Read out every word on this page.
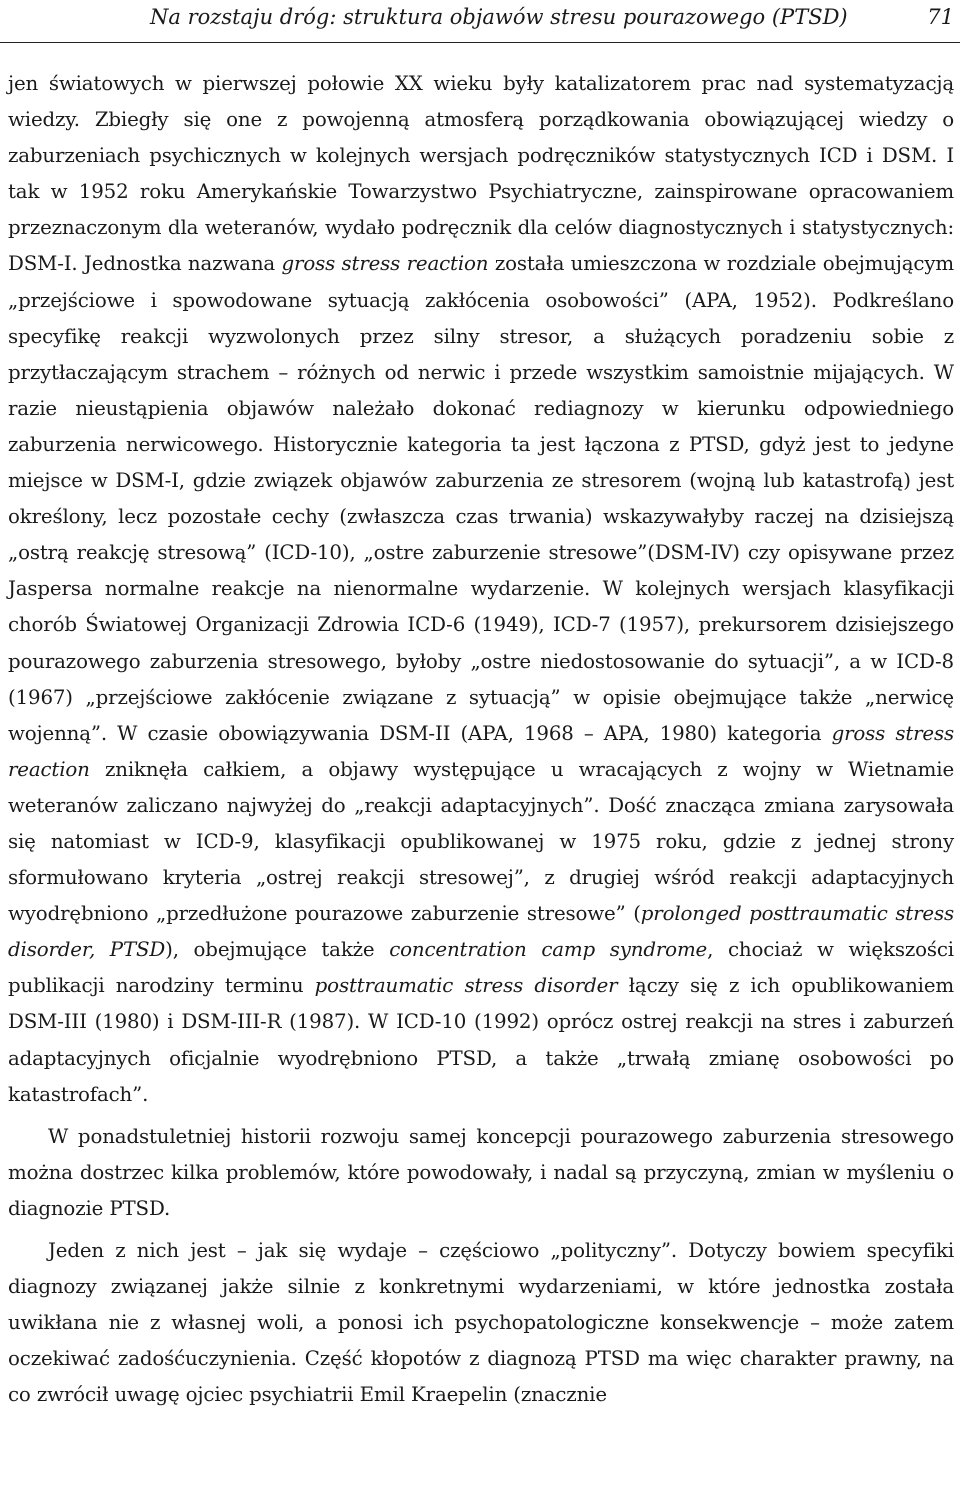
Na rozstaju dróg: struktura objawów stresu pourazowego (PTSD)	71

jen światowych w pierwszej połowie XX wieku były katalizatorem prac nad systematyzacją wiedzy. Zbiegły się one z powojenną atmosferą porządkowania obowiązującej wiedzy o zaburzeniach psychicznych w kolejnych wersjach podręczników statystycznych ICD i DSM. I tak w 1952 roku Amerykańskie Towarzystwo Psychiatryczne, zainspirowane opracowaniem przeznaczonym dla weteranów, wydało podręcznik dla celów diagnostycznych i statystycznych: DSM-I. Jednostka nazwana gross stress reaction została umieszczona w rozdziale obejmującym „przejściowe i spowodowane sytuacją zakłócenia osobowości” (APA, 1952). Podkreślano specyfikę reakcji wyzwolonych przez silny stresor, a służących poradzeniu sobie z przytłaczającym strachem – różnych od nerwic i przede wszystkim samoistnie mijających. W razie nieustąpienia objawów należało dokonać rediagnozy w kierunku odpowiedniego zaburzenia nerwicowego. Historycznie kategoria ta jest łączona z PTSD, gdyż jest to jedyne miejsce w DSM-I, gdzie związek objawów zaburzenia ze stresorem (wojną lub katastrofą) jest określony, lecz pozostałe cechy (zwłaszcza czas trwania) wskazywałyby raczej na dzisiejszą „ostrą reakcję stresową” (ICD-10), „ostre zaburzenie stresowe”(DSM-IV) czy opisywane przez Jaspersa normalne reakcje na nienormalne wydarzenie. W kolejnych wersjach klasyfikacji chorób Światowej Organizacji Zdrowia ICD-6 (1949), ICD-7 (1957), prekursorem dzisiejszego pourazowego zaburzenia stresowego, byłoby „ostre niedostosowanie do sytuacji”, a w ICD-8 (1967) „przejściowe zakłócenie związane z sytuacją” w opisie obejmujące także „nerwicę wojenną”. W czasie obowiązywania DSM-II (APA, 1968 – APA, 1980) kategoria gross stress reaction zniknęła całkiem, a objawy występujące u wracających z wojny w Wietnamie weteranów zaliczano najwyżej do „reakcji adaptacyjnych”. Dość znacząca zmiana zarysowała się natomiast w ICD-9, klasyfikacji opublikowanej w 1975 roku, gdzie z jednej strony sformułowano kryteria „ostrej reakcji stresowej”, z drugiej wśród reakcji adaptacyjnych wyodrębniono „przedłużone pourazowe zaburzenie stresowe” (prolonged posttraumatic stress disorder, PTSD), obejmujące także concentration camp syndrome, chociaż w większości publikacji narodziny terminu posttraumatic stress disorder łączy się z ich opublikowaniem DSM-III (1980) i DSM-III-R (1987). W ICD-10 (1992) oprócz ostrej reakcji na stres i zaburzeń adaptacyjnych oficjalnie wyodrębniono PTSD, a także „trwałą zmianę osobowości po katastrofach”.

W ponadstuletniej historii rozwoju samej koncepcji pourazowego zaburzenia stresowego można dostrzec kilka problemów, które powodowały, i nadal są przyczyną, zmian w myśleniu o diagnozie PTSD.

Jeden z nich jest – jak się wydaje – częściowo „polityczny”. Dotyczy bowiem specyfiki diagnozy związanej jakże silnie z konkretnymi wydarzeniami, w które jednostka została uwikłana nie z własnej woli, a ponosi ich psychopatologiczne konsekwencje – może zatem oczekiwać zadośćuczynienia. Część kłopotów z diagnozą PTSD ma więc charakter prawny, na co zwrócił uwagę ojciec psychiatrii Emil Kraepelin (znacznie
